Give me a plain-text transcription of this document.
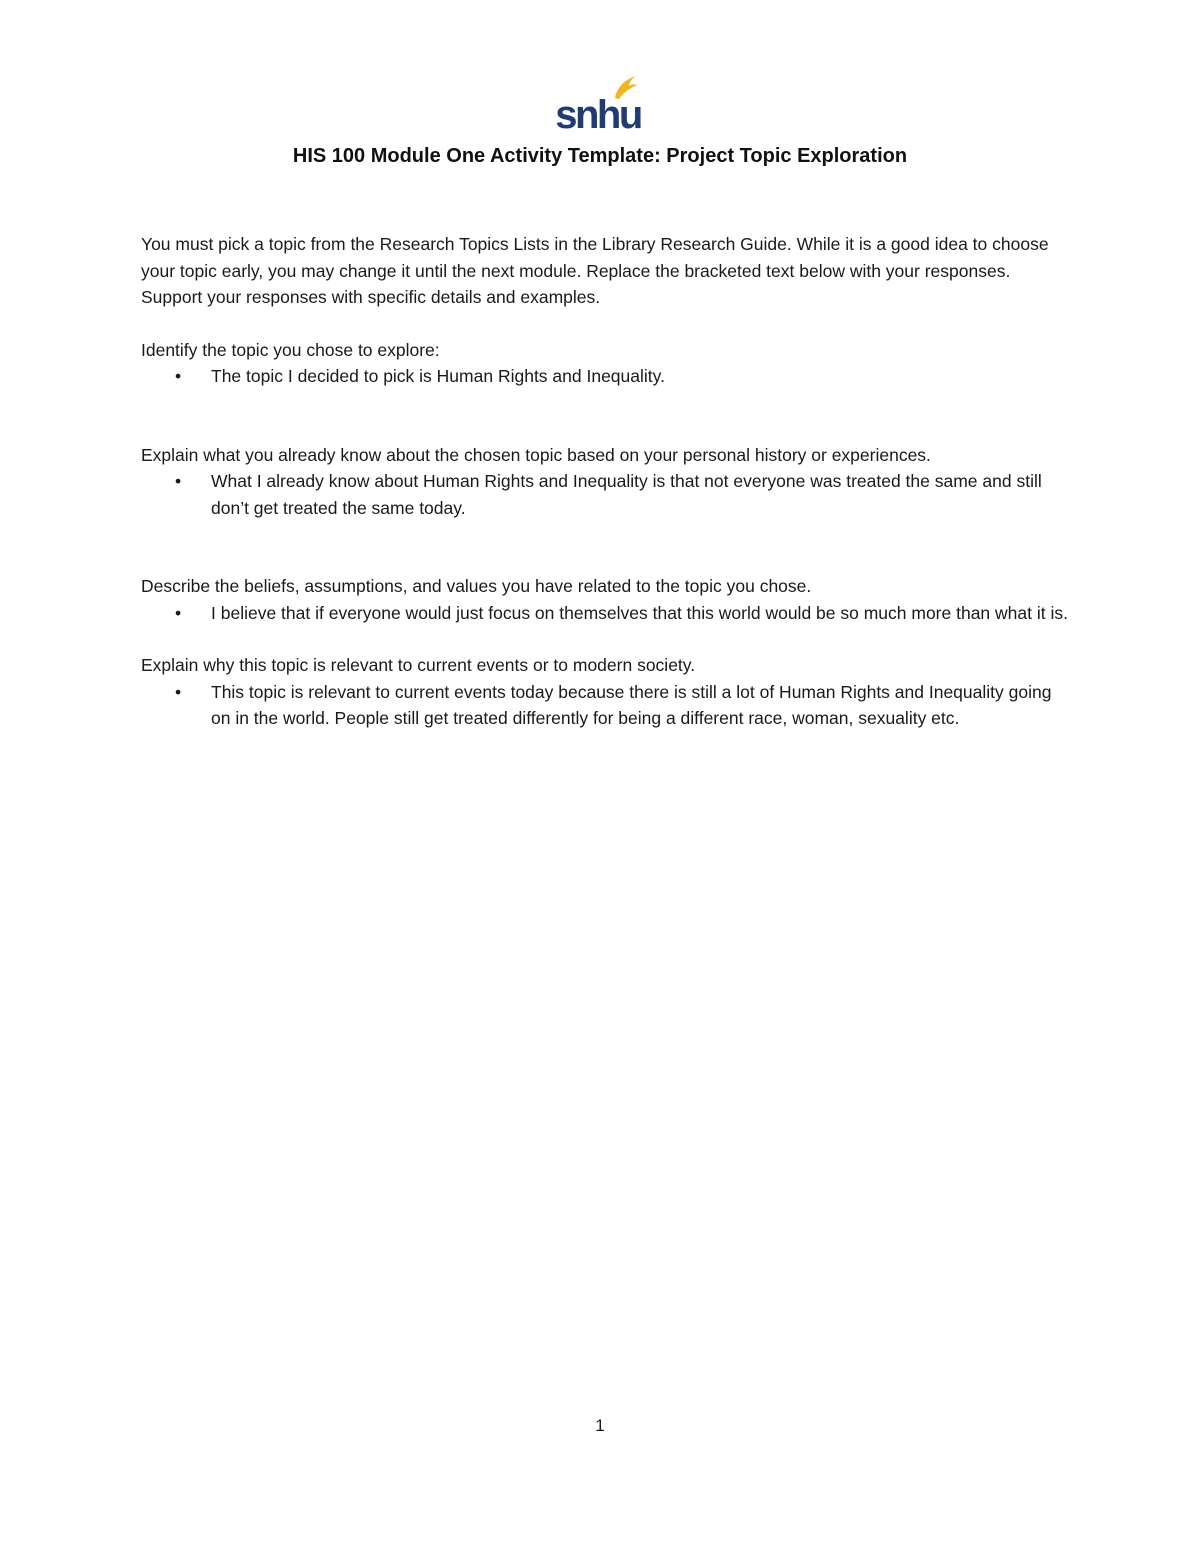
snhu
HIS 100 Module One Activity Template: Project Topic Exploration

You must pick a topic from the Research Topics Lists in the Library Research Guide. While it is a good idea to choose your topic early, you may change it until the next module. Replace the bracketed text below with your responses. Support your responses with specific details and examples.

Identify the topic you chose to explore:

• The topic I decided to pick is Human Rights and Inequality.

Explain what you already know about the chosen topic based on your personal history or experiences.

• What I already know about Human Rights and Inequality is that not everyone was treated the same and still don’t get treated the same today.

Describe the beliefs, assumptions, and values you have related to the topic you chose.

• I believe that if everyone would just focus on themselves that this world would be so much more than what it is.

Explain why this topic is relevant to current events or to modern society.

• This topic is relevant to current events today because there is still a lot of Human Rights and Inequality going on in the world. People still get treated differently for being a different race, woman, sexuality etc.
1
